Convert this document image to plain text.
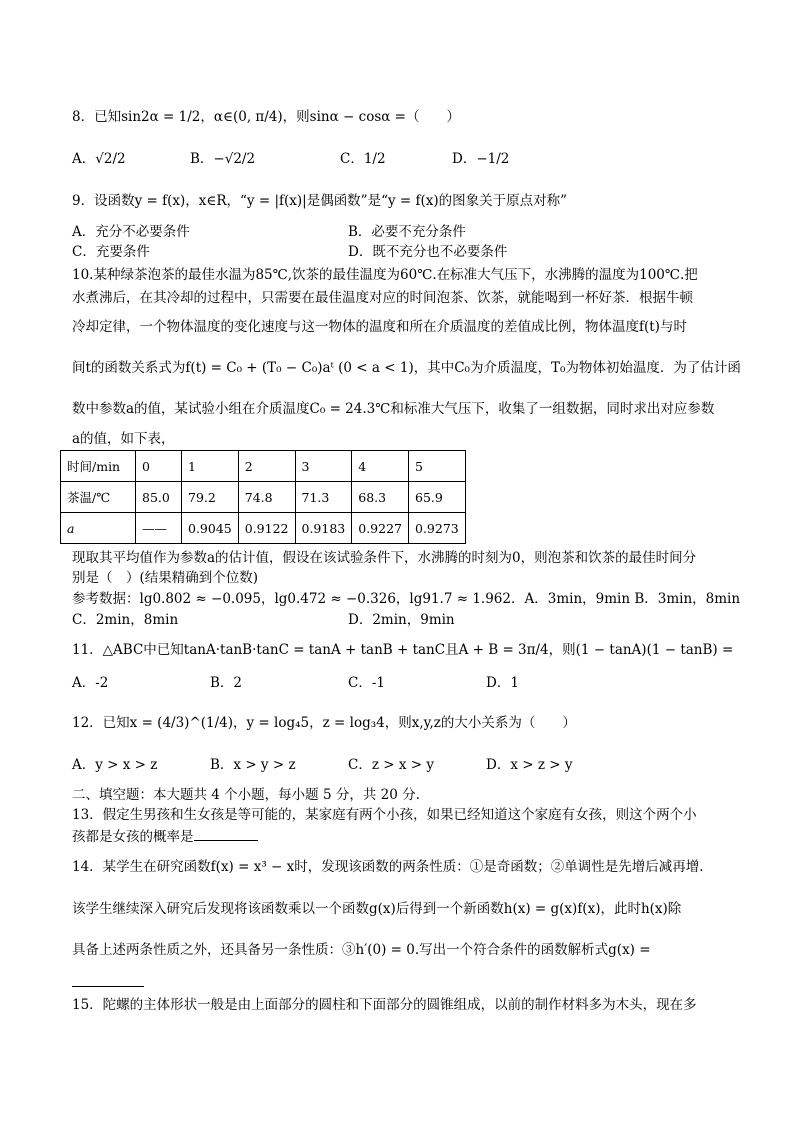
8．已知sin2α = 1/2，α∈(0, π/4)，则sinα − cosα =（　　）
A．√2/2	B．−√2/2	C．1/2	D．−1/2
9．设函数y = f(x)，x∈R，“y = |f(x)|是偶函数”是“y = f(x)的图象关于原点对称”
A．充分不必要条件	B．必要不充分条件
C．充要条件	D．既不充分也不必要条件
10.某种绿茶泡茶的最佳水温为85℃,饮茶的最佳温度为60℃.在标准大气压下，水沸腾的温度为100℃.把
水煮沸后，在其冷却的过程中，只需要在最佳温度对应的时间泡茶、饮茶，就能喝到一杯好茶．根据牛顿
冷却定律，一个物体温度的变化速度与这一物体的温度和所在介质温度的差值成比例，物体温度f(t)与时
间t的函数关系式为f(t) = C₀ + (T₀ − C₀)aᵗ (0 < a < 1)，其中C₀为介质温度，T₀为物体初始温度．为了估计函
数中参数a的值，某试验小组在介质温度C₀ = 24.3℃和标准大气压下，收集了一组数据，同时求出对应参数
a的值，如下表，
时间/min	0	1	2	3	4	5
茶温/℃	85.0	79.2	74.8	71.3	68.3	65.9
a	——	0.9045	0.9122	0.9183	0.9227	0.9273
现取其平均值作为参数a的估计值，假设在该试验条件下，水沸腾的时刻为0，则泡茶和饮茶的最佳时间分
别是（　）(结果精确到个位数)
参考数据：lg0.802 ≈ −0.095，lg0.472 ≈ −0.326，lg91.7 ≈ 1.962．A．3min，9min B．3min，8min
C．2min，8min	D．2min，9min
11．△ABC中已知tanA·tanB·tanC = tanA + tanB + tanC且A + B = 3π/4，则(1 − tanA)(1 − tanB) =
A．-2	B．2	C．-1	D．1
12．已知x = (4/3)^(1/4)，y = log₄5，z = log₃4，则x,y,z的大小关系为（　　）
A．y > x > z	B．x > y > z	C．z > x > y	D．x > z > y
二、填空题：本大题共 4 个小题，每小题 5 分，共 20 分.
13．假定生男孩和生女孩是等可能的，某家庭有两个小孩，如果已经知道这个家庭有女孩，则这个两个小
孩都是女孩的概率是
14．某学生在研究函数f(x) = x³ − x时，发现该函数的两条性质：①是奇函数；②单调性是先增后减再增.
该学生继续深入研究后发现将该函数乘以一个函数g(x)后得到一个新函数h(x) = g(x)f(x)，此时h(x)除
具备上述两条性质之外，还具备另一条性质：③h′(0) = 0.写出一个符合条件的函数解析式g(x) =
15．陀螺的主体形状一般是由上面部分的圆柱和下面部分的圆锥组成，以前的制作材料多为木头，现在多
